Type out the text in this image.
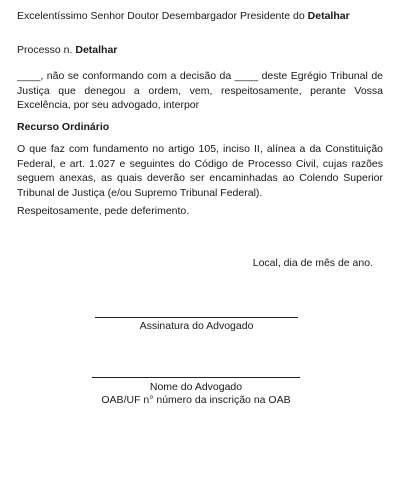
Excelentíssimo Senhor Doutor Desembargador Presidente do Detalhar
Processo n. Detalhar
____, não se conformando com a decisão da ____ deste Egrégio Tribunal de Justiça que denegou a ordem, vem, respeitosamente, perante Vossa Excelência, por seu advogado, interpor
Recurso Ordinário
O que faz com fundamento no artigo 105, inciso II, alínea a da Constituição Federal, e art. 1.027 e seguintes do Código de Processo Civil, cujas razões seguem anexas, as quais deverão ser encaminhadas ao Colendo Superior Tribunal de Justiça (e/ou Supremo Tribunal Federal).
Respeitosamente, pede deferimento.
Local, dia de mês de ano.
Assinatura do Advogado
Nome do Advogado
OAB/UF n° número da inscrição na OAB
